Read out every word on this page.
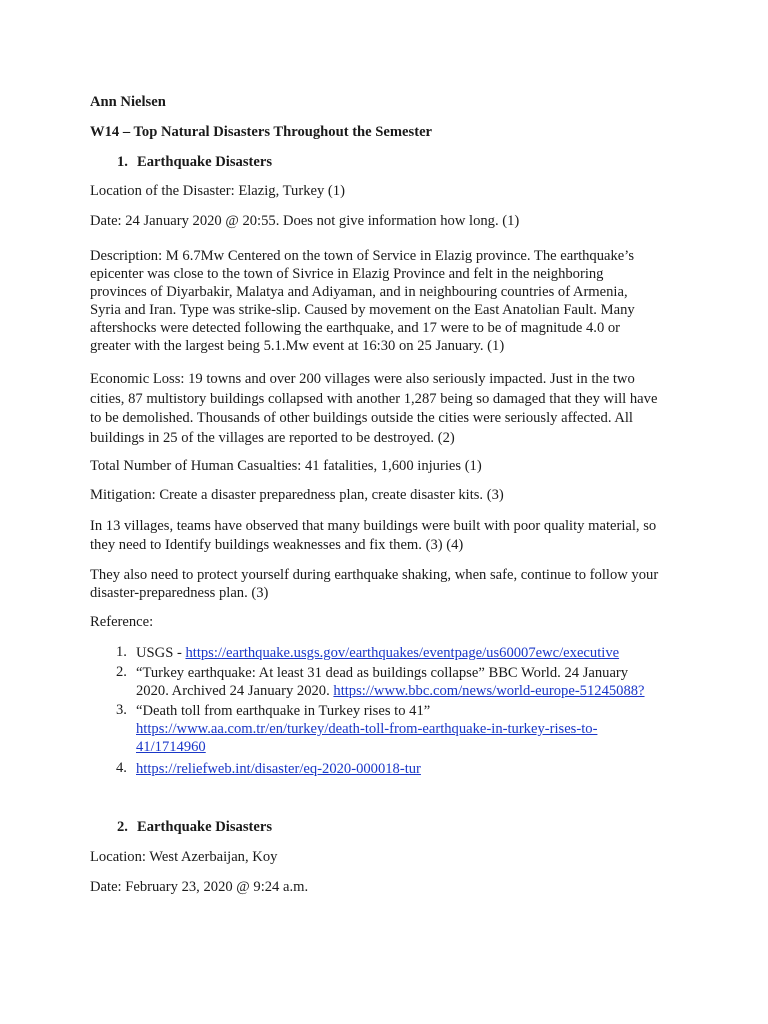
Ann Nielsen
W14 – Top Natural Disasters Throughout the Semester
1. Earthquake Disasters
Location of the Disaster: Elazig, Turkey (1)
Date: 24 January 2020 @ 20:55. Does not give information how long. (1)
Description: M 6.7Mw Centered on the town of Service in Elazig province. The earthquake’s
epicenter was close to the town of Sivrice in Elazig Province and felt in the neighboring
provinces of Diyarbakir, Malatya and Adiyaman, and in neighbouring countries of Armenia,
Syria and Iran. Type was strike-slip. Caused by movement on the East Anatolian Fault. Many
aftershocks were detected following the earthquake, and 17 were to be of magnitude 4.0 or
greater with the largest being 5.1.Mw event at 16:30 on 25 January. (1)
Economic Loss: 19 towns and over 200 villages were also seriously impacted. Just in the two
cities, 87 multistory buildings collapsed with another 1,287 being so damaged that they will have
to be demolished. Thousands of other buildings outside the cities were seriously affected. All
buildings in 25 of the villages are reported to be destroyed. (2)
Total Number of Human Casualties: 41 fatalities, 1,600 injuries (1)
Mitigation: Create a disaster preparedness plan, create disaster kits. (3)
In 13 villages, teams have observed that many buildings were built with poor quality material, so
they need to Identify buildings weaknesses and fix them. (3) (4)
They also need to protect yourself during earthquake shaking, when safe, continue to follow your
disaster-preparedness plan. (3)
Reference:
1. USGS - https://earthquake.usgs.gov/earthquakes/eventpage/us60007ewc/executive
2. “Turkey earthquake: At least 31 dead as buildings collapse” BBC World. 24 January
2020. Archived 24 January 2020. https://www.bbc.com/news/world-europe-51245088?
3. “Death toll from earthquake in Turkey rises to 41”
https://www.aa.com.tr/en/turkey/death-toll-from-earthquake-in-turkey-rises-to-
41/1714960
4. https://reliefweb.int/disaster/eq-2020-000018-tur
2. Earthquake Disasters
Location: West Azerbaijan, Koy
Date: February 23, 2020 @ 9:24 a.m.
